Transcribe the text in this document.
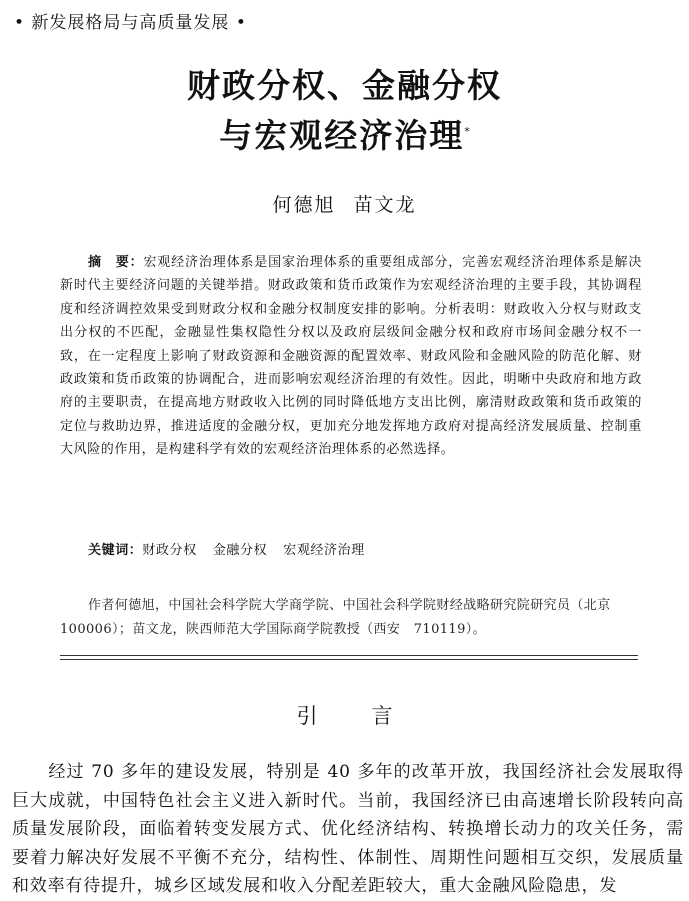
• 新发展格局与高质量发展 •
财政分权、金融分权
与宏观经济治理*
何德旭 苗文龙
摘　要：宏观经济治理体系是国家治理体系的重要组成部分，完善宏观经济治理体系是解决新时代主要经济问题的关键举措。财政政策和货币政策作为宏观经济治理的主要手段，其协调程度和经济调控效果受到财政分权和金融分权制度安排的影响。分析表明：财政收入分权与财政支出分权的不匹配，金融显性集权隐性分权以及政府层级间金融分权和政府市场间金融分权不一致，在一定程度上影响了财政资源和金融资源的配置效率、财政风险和金融风险的防范化解、财政政策和货币政策的协调配合，进而影响宏观经济治理的有效性。因此，明晰中央政府和地方政府的主要职责，在提高地方财政收入比例的同时降低地方支出比例，廓清财政政策和货币政策的定位与救助边界，推进适度的金融分权，更加充分地发挥地方政府对提高经济发展质量、控制重大风险的作用，是构建科学有效的宏观经济治理体系的必然选择。
关键词：财政分权 金融分权 宏观经济治理
作者何德旭，中国社会科学院大学商学院、中国社会科学院财经战略研究院研究员（北京　100006）；苗文龙，陕西师范大学国际商学院教授（西安　710119）。
引	言
经过 70 多年的建设发展，特别是 40 多年的改革开放，我国经济社会发展取得巨大成就，中国特色社会主义进入新时代。当前，我国经济已由高速增长阶段转向高质量发展阶段，面临着转变发展方式、优化经济结构、转换增长动力的攻关任务，需要着力解决好发展不平衡不充分，结构性、体制性、周期性问题相互交织，发展质量和效率有待提升，城乡区域发展和收入分配差距较大，重大金融风险隐患，发
